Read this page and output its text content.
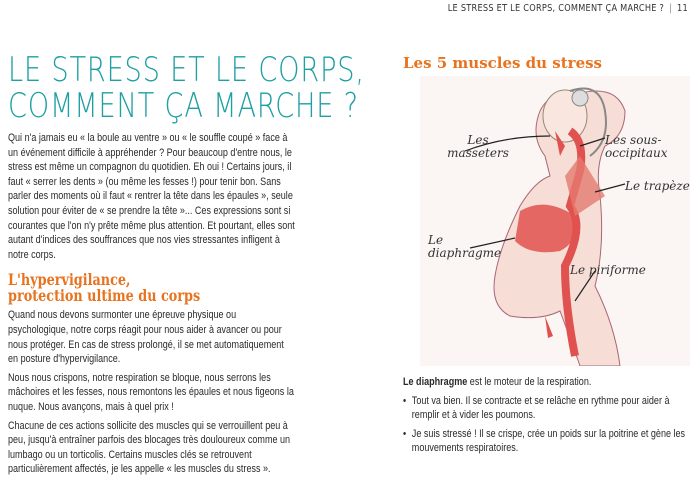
LE STRESS ET LE CORPS, COMMENT ÇA MARCHE ? | 11
LE STRESS ET LE CORPS,
COMMENT ÇA MARCHE ?
Qui n'a jamais eu « la boule au ventre » ou « le souffle coupé » face à un événement difficile à appréhender ? Pour beaucoup d'entre nous, le stress est même un compagnon du quotidien. Eh oui ! Certains jours, il faut « serrer les dents » (ou même les fesses !) pour tenir bon. Sans parler des moments où il faut « rentrer la tête dans les épaules », seule solution pour éviter de « se prendre la tête »... Ces expressions sont si courantes que l'on n'y prête même plus attention. Et pourtant, elles sont autant d'indices des souffrances que nos vies stressantes infligent à notre corps.
L'hypervigilance,
protection ultime du corps
Quand nous devons surmonter une épreuve physique ou psychologique, notre corps réagit pour nous aider à avancer ou pour nous protéger. En cas de stress prolongé, il se met automatiquement en posture d'hypervigilance.
Nous nous crispons, notre respiration se bloque, nous serrons les mâchoires et les fesses, nous remontons les épaules et nous figeons la nuque. Nous avançons, mais à quel prix !
Chacune de ces actions sollicite des muscles qui se verrouillent peu à peu, jusqu'à entraîner parfois des blocages très douloureux comme un lumbago ou un torticolis. Certains muscles clés se retrouvent particulièrement affectés, je les appelle « les muscles du stress ».
Les 5 muscles du stress
Les masseters
Les sous-occipitaux
Le trapèze
Le diaphragme
Le piriforme
Le diaphragme est le moteur de la respiration.
• Tout va bien. Il se contracte et se relâche en rythme pour aider à remplir et à vider les poumons.
• Je suis stressé ! Il se crispe, crée un poids sur la poitrine et gène les mouvements respiratoires.
